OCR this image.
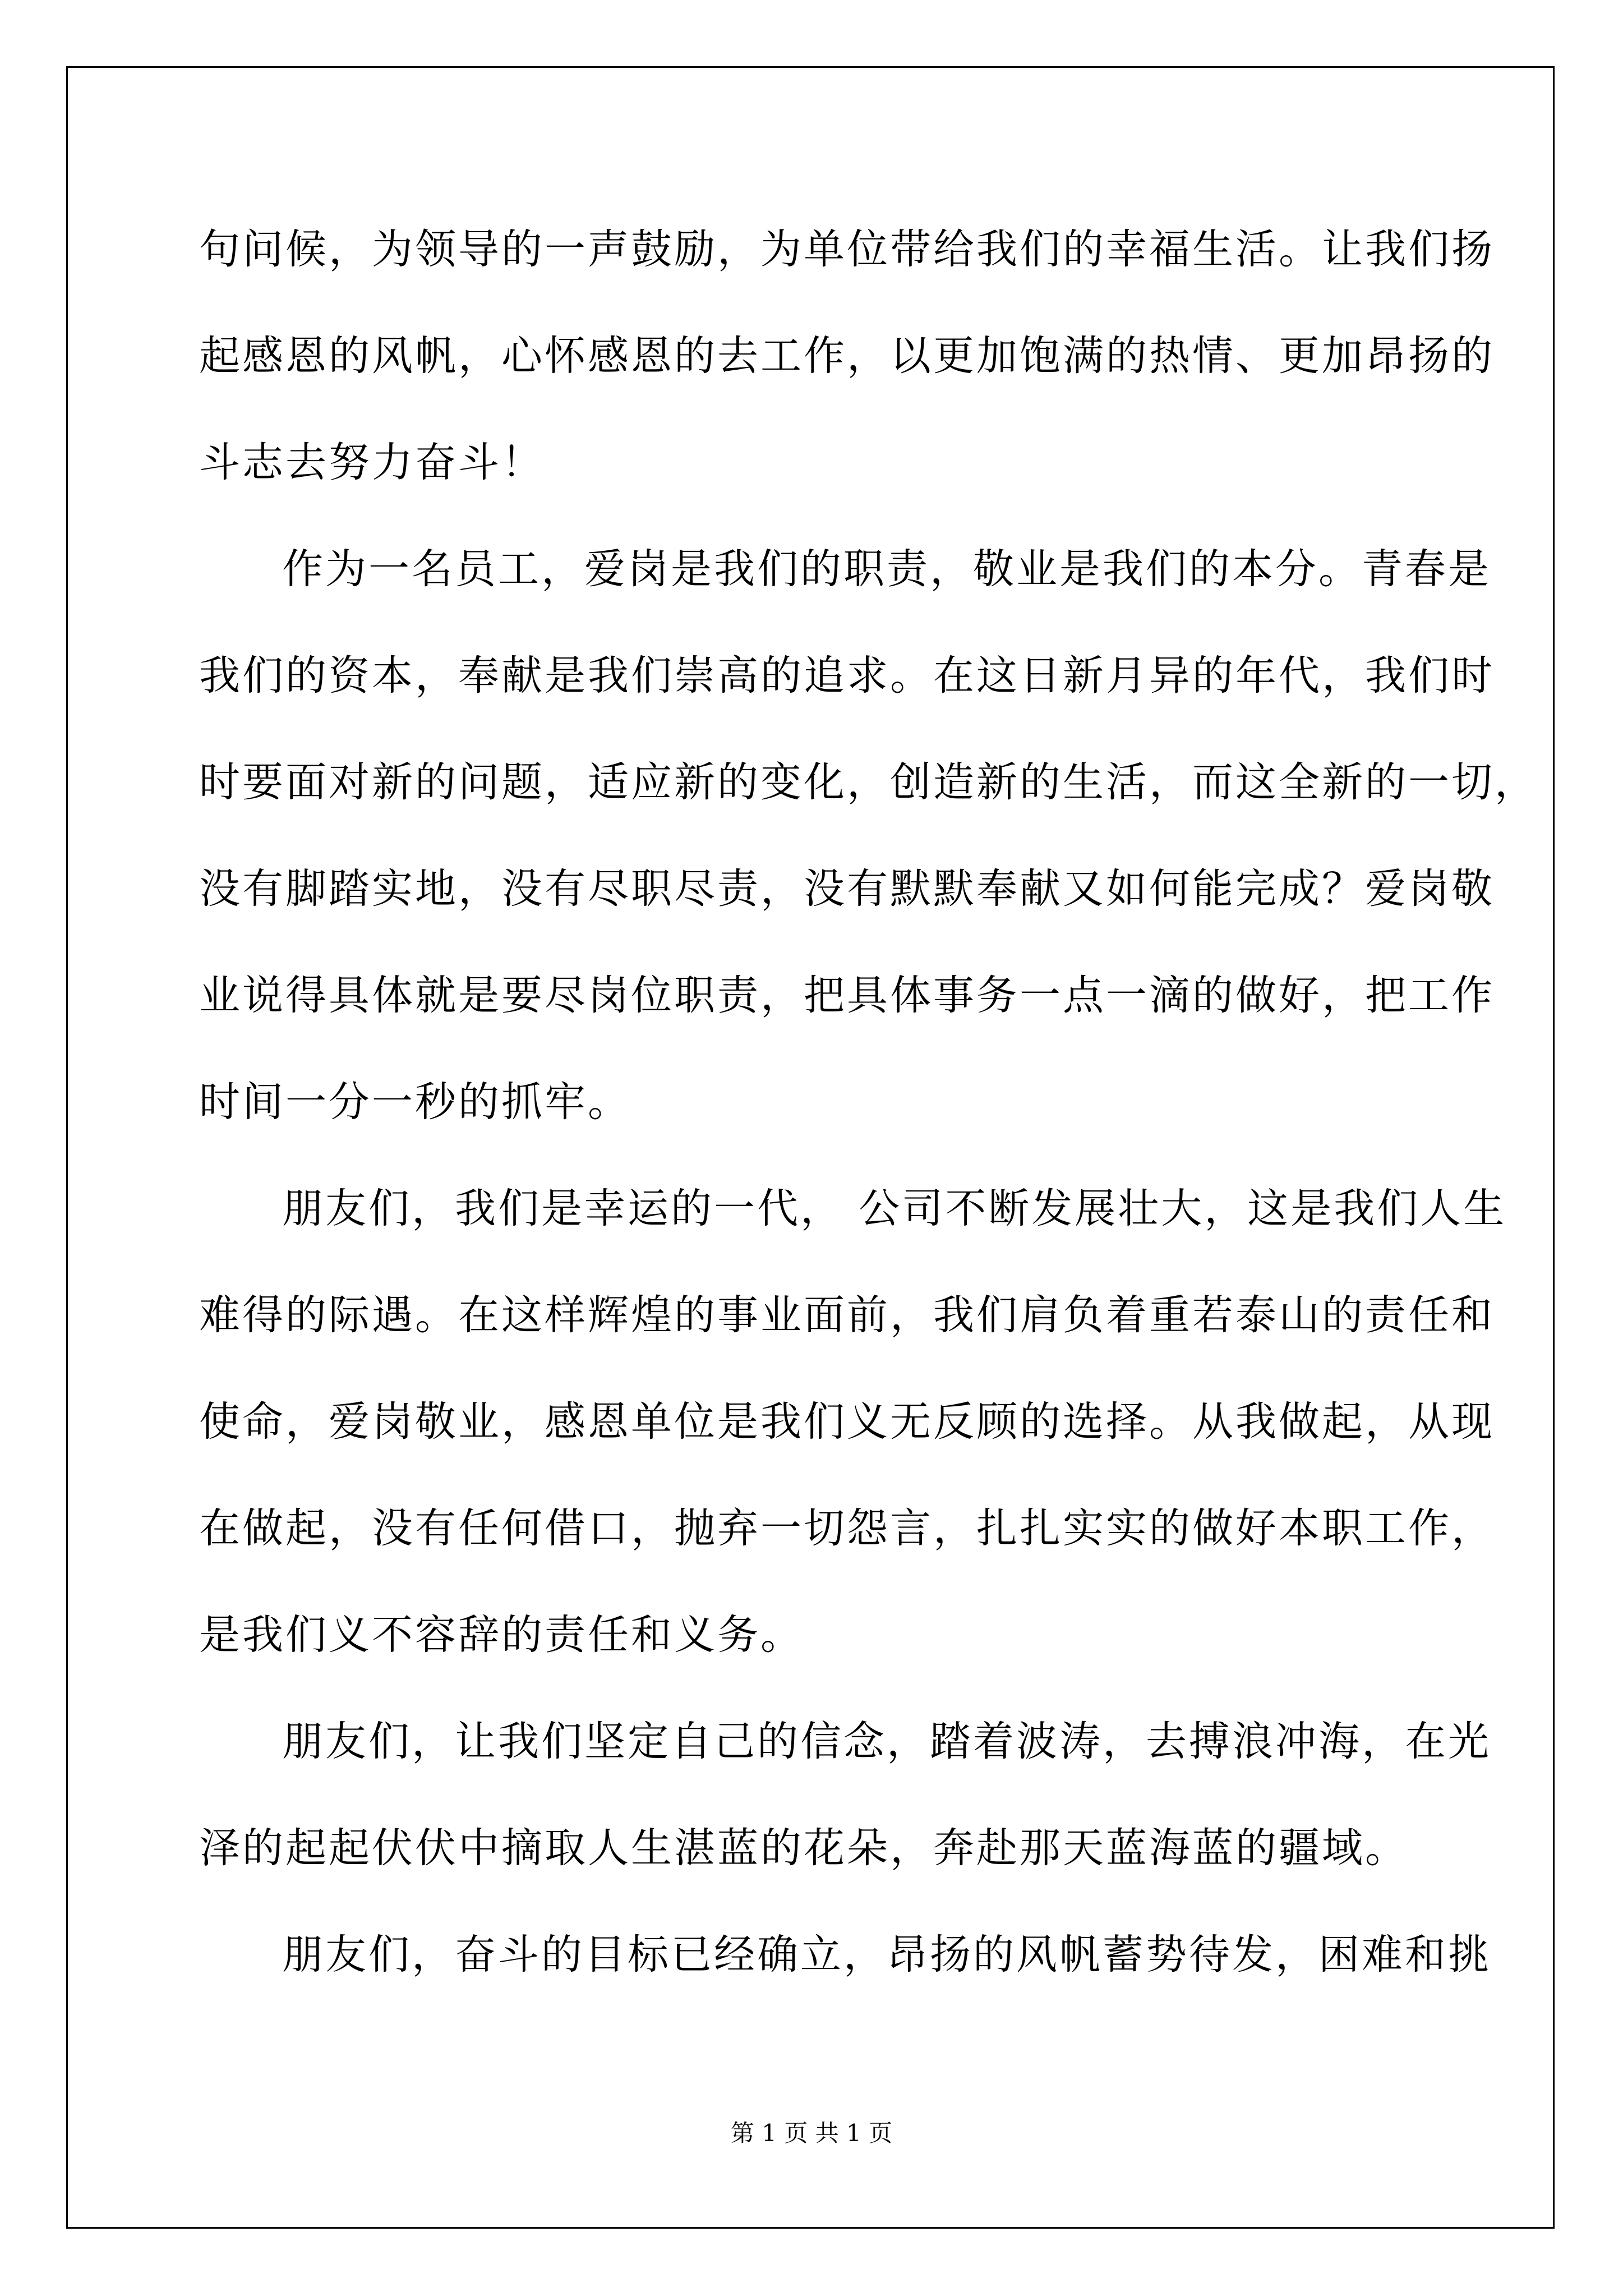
句问候，为领导的一声鼓励，为单位带给我们的幸福生活。让我们扬
起感恩的风帆，心怀感恩的去工作，以更加饱满的热情、更加昂扬的
斗志去努力奋斗！
作为一名员工，爱岗是我们的职责，敬业是我们的本分。青春是
我们的资本，奉献是我们崇高的追求。在这日新月异的年代，我们时
时要面对新的问题，适应新的变化，创造新的生活，而这全新的一切，
没有脚踏实地，没有尽职尽责，没有默默奉献又如何能完成？爱岗敬
业说得具体就是要尽岗位职责，把具体事务一点一滴的做好，把工作
时间一分一秒的抓牢。
朋友们，我们是幸运的一代， 公司不断发展壮大，这是我们人生
难得的际遇。在这样辉煌的事业面前，我们肩负着重若泰山的责任和
使命，爱岗敬业，感恩单位是我们义无反顾的选择。从我做起，从现
在做起，没有任何借口，抛弃一切怨言，扎扎实实的做好本职工作，
是我们义不容辞的责任和义务。
朋友们，让我们坚定自己的信念，踏着波涛，去搏浪冲海，在光
泽的起起伏伏中摘取人生湛蓝的花朵，奔赴那天蓝海蓝的疆域。
朋友们，奋斗的目标已经确立，昂扬的风帆蓄势待发，困难和挑
第 1 页 共 1 页
